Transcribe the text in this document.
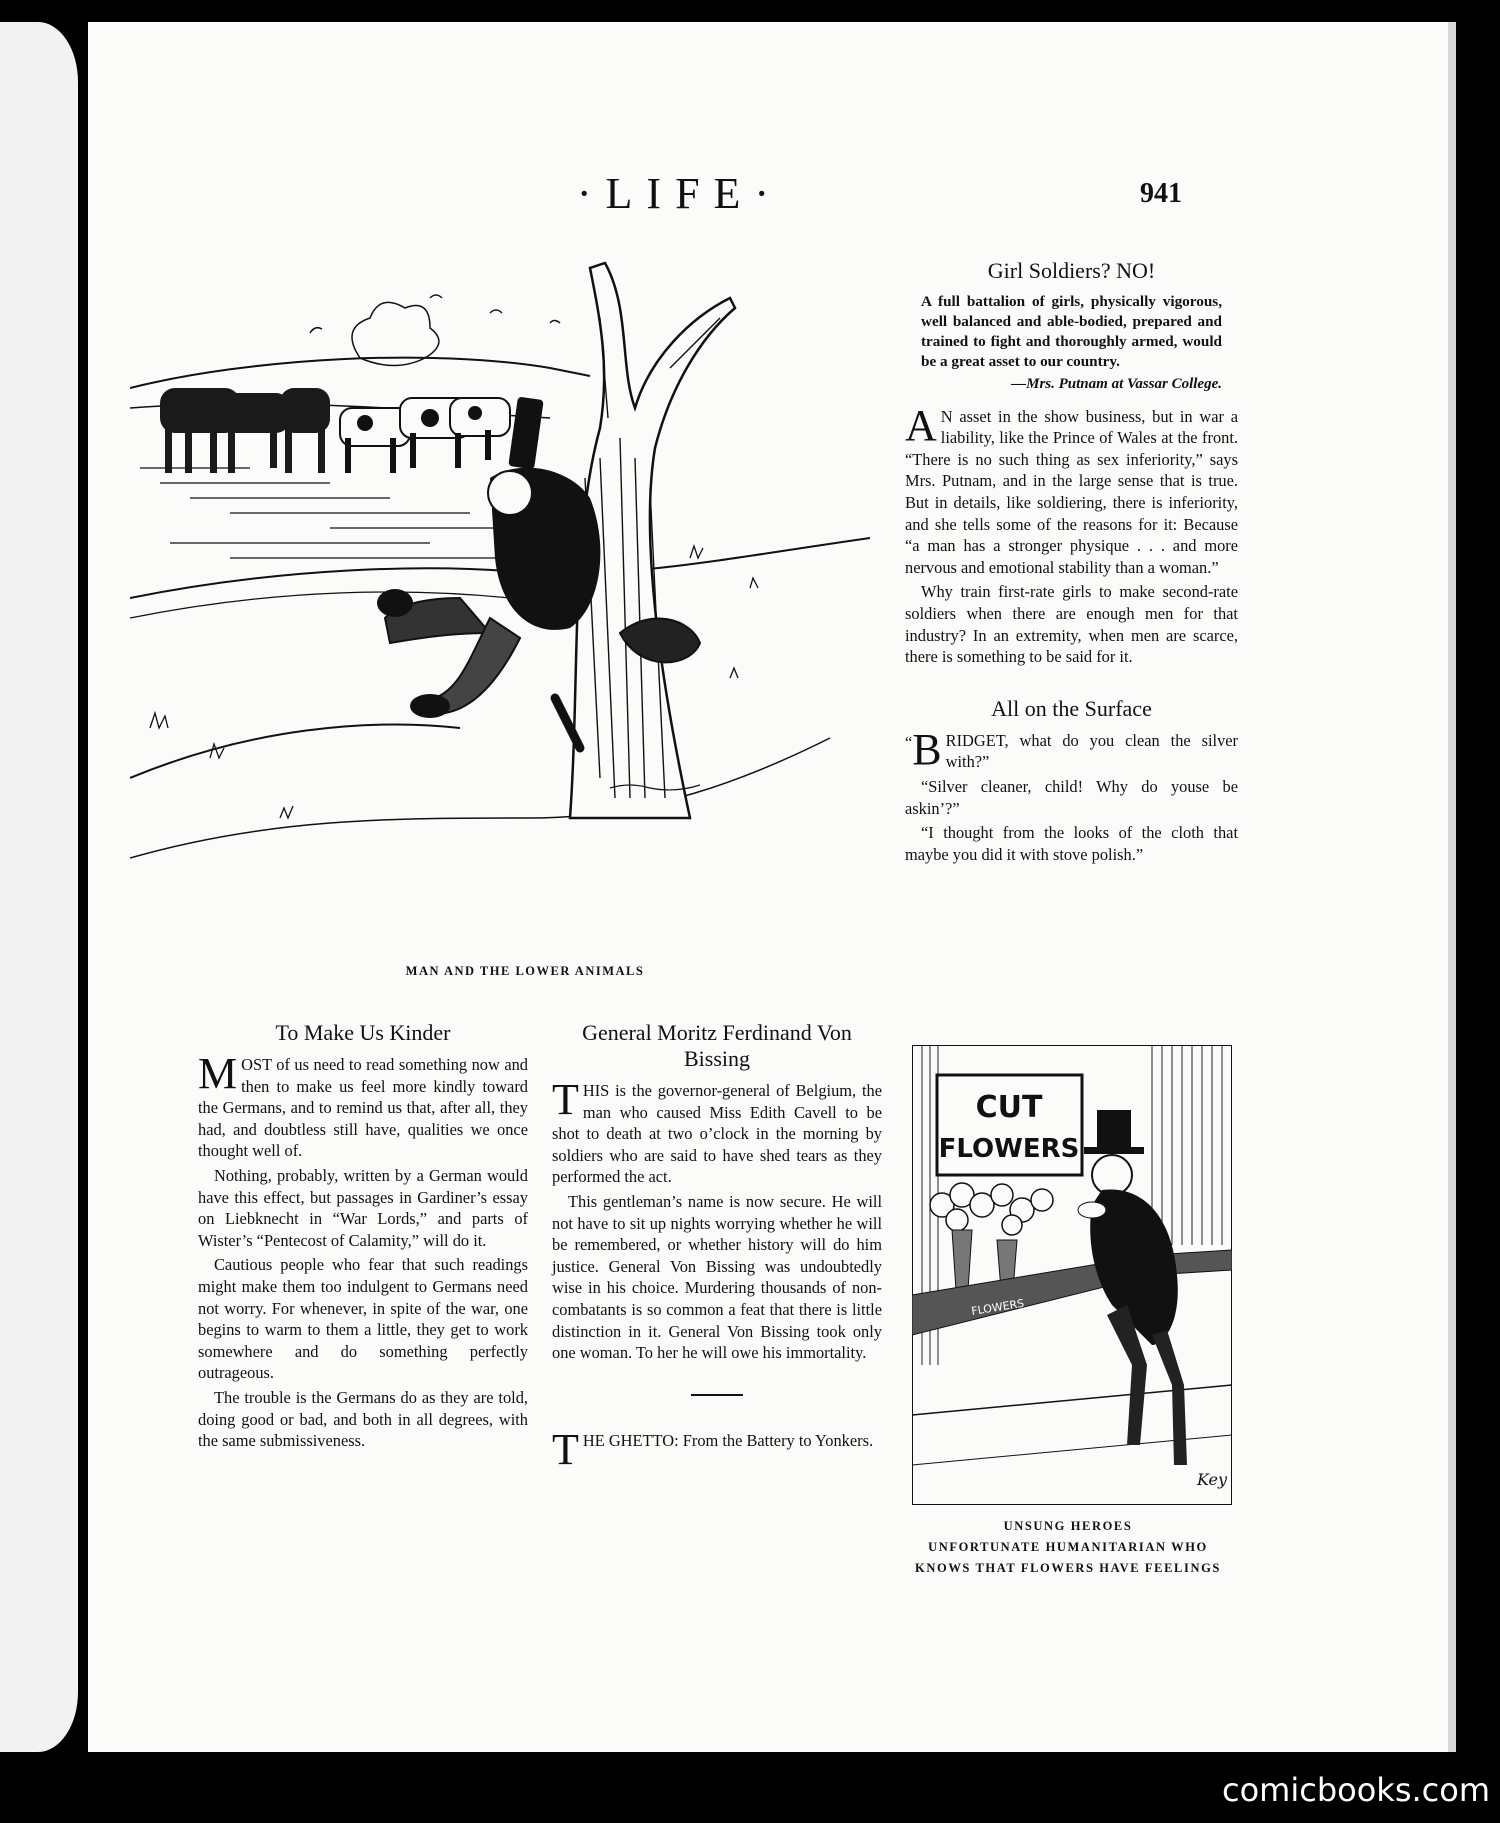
·LIFE·	941
MAN AND THE LOWER ANIMALS
Girl Soldiers? NO!
A full battalion of girls, physically vigorous, well balanced and able-bodied, prepared and trained to fight and thoroughly armed, would be a great asset to our country.
—Mrs. Putnam at Vassar College.

A N asset in the show business, but in war a liability, like the Prince of Wales at the front. “There is no such thing as sex inferiority,” says Mrs. Putnam, and in the large sense that is true. But in details, like soldiering, there is inferiority, and she tells some of the reasons for it: Because “a man has a stronger physique . . . and more nervous and emotional stability than a woman.”

Why train first-rate girls to make second-rate soldiers when there are enough men for that industry? In an extremity, when men are scarce, there is something to be said for it.

All on the Surface

“ B RIDGET, what do you clean the silver with?”

“Silver cleaner, child! Why do youse be askin’?”

“I thought from the looks of the cloth that maybe you did it with stove polish.”

To Make Us Kinder

MOST of us need to read something now and then to make us feel more kindly toward the Germans, and to remind us that, after all, they had, and doubtless still have, qualities we once thought well of.

Nothing, probably, written by a German would have this effect, but passages in Gardiner’s essay on Liebknecht in “War Lords,” and parts of Wister’s “Pentecost of Calamity,” will do it.

Cautious people who fear that such readings might make them too indulgent to Germans need not worry. For whenever, in spite of the war, one begins to warm to them a little, they get to work somewhere and do something perfectly outrageous.

The trouble is the Germans do as they are told, doing good or bad, and both in all degrees, with the same submissiveness.

General Moritz Ferdinand Von Bissing

THIS is the governor-general of Belgium, the man who caused Miss Edith Cavell to be shot to death at two o’clock in the morning by soldiers who are said to have shed tears as they performed the act.

This gentleman’s name is now secure. He will not have to sit up nights worrying whether he will be remembered, or whether history will do him justice. General Von Bissing was undoubtedly wise in his choice. Murdering thousands of non-combatants is so common a feat that there is little distinction in it. General Von Bissing took only one woman. To her he will owe his immortality.

THE GHETTO: From the Battery to Yonkers.

CUT
FLOWERS
FLOWERS
Key
UNSUNG HEROES
UNFORTUNATE HUMANITARIAN WHO
KNOWS THAT FLOWERS HAVE FEELINGS
comicbooks.com
